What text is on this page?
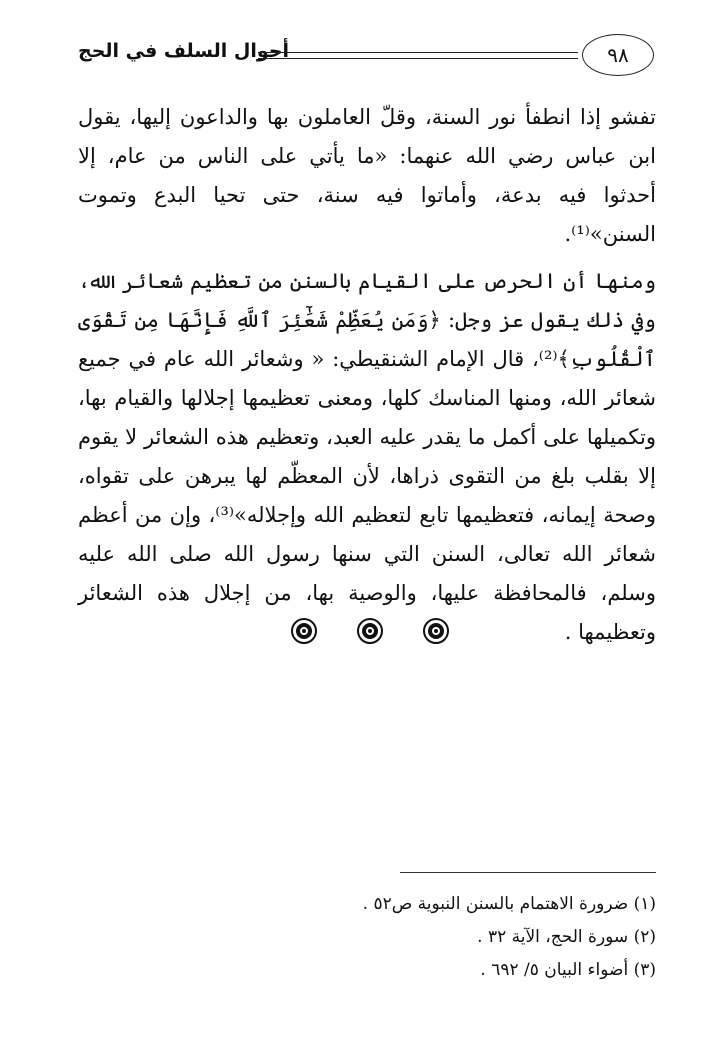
أحوال السلف في الحج	٩٨

تفشو إذا انطفأ نور السنة، وقلّ العاملون بها والداعون إليها، يقول ابن عباس رضي الله عنهما: «ما يأتي على الناس من عام، إلا أحدثوا فيه بدعة، وأماتوا فيه سنة، حتى تحيا البدع وتموت السنن»⁽¹⁾.

ومنها أن الحرص على القيام بالسنن من تعظيم شعائر الله، وفي ذلك يقول عز وجل: ﴿وَمَن يُعَظِّمْ شَعَٰٓئِرَ ٱللَّهِ فَإِنَّهَا مِن تَقْوَى ٱلْقُلُوبِ﴾⁽²⁾، قال الإمام الشنقيطي: « وشعائر الله عام في جميع شعائر الله، ومنها المناسك كلها، ومعنى تعظيمها إجلالها والقيام بها، وتكميلها على أكمل ما يقدر عليه العبد، وتعظيم هذه الشعائر لا يقوم إلا بقلب بلغ من التقوى ذراها، لأن المعظّم لها يبرهن على تقواه، وصحة إيمانه، فتعظيمها تابع لتعظيم الله وإجلاله»⁽³⁾، وإن من أعظم شعائر الله تعالى، السنن التي سنها رسول الله صلى الله عليه وسلم، فالمحافظة عليها، والوصية بها، من إجلال هذه الشعائر وتعظيمها .

(١) ضرورة الاهتمام بالسنن النبوية ص٥٢ .
(٢) سورة الحج، الآية ٣٢ .
(٣) أضواء البيان ٥/ ٦٩٢ .
